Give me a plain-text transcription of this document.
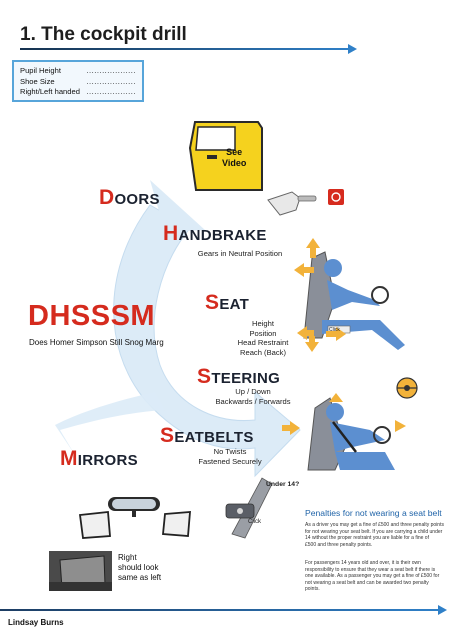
1. The cockpit drill
Pupil Height	...................
Shoe Size	...................
Right/Left handed ...................
See
Video
DOORS
HANDBRAKE
Gears in Neutral Position
SEAT
Height
Position
Head Restraint
Reach (Back)
STEERING
Up / Down
Backwards / Forwards
SEATBELTS
No Twists
Fastened Securely
MIRRORS
DHSSSM
Does Homer Simpson Still Snog Marg
Click
Click
Under 14?
Right
should look
same as left
Penalties for not wearing a seat belt
As a driver you may get a fine of £500 and three penalty points
for not wearing your seat belt. If you are carrying a child under
14 without the proper restraint you are liable for a fine of
£500 and three penalty points.
For passengers 14 years old and over, it is their own
responsibility to ensure that they wear a seat belt if there is
one available. As a passenger you may get a fine of £500 for
not wearing a seat belt and can be awarded two penalty
points.
Lindsay Burns
